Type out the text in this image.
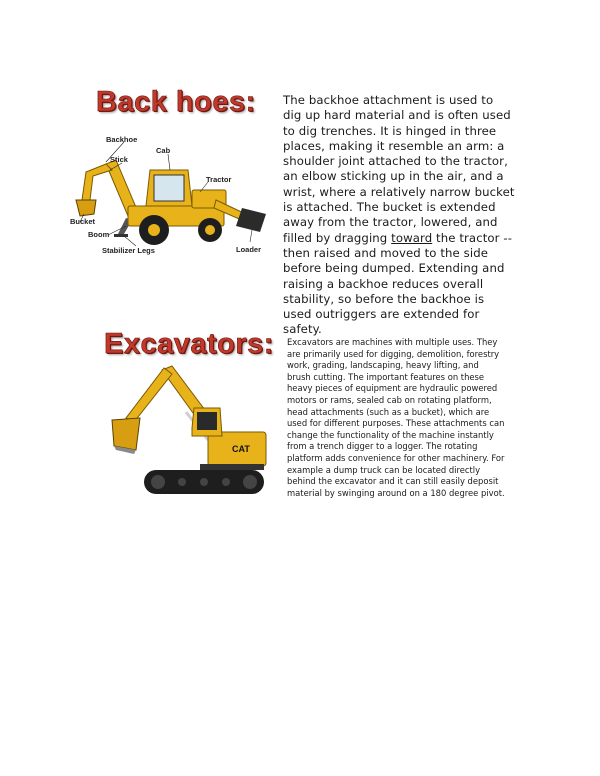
Back hoes: The backhoe attachment is used to dig up hard material and is often used to dig trenches. It is hinged in three places, making it resemble an arm: a shoulder joint attached to the tractor, an elbow sticking up in the air, and a wrist, where a relatively narrow bucket is attached. The bucket is extended away from the tractor, lowered, and filled by dragging toward the tractor -- then raised and moved to the side before being dumped. Extending and raising a backhoe reduces overall stability, so before the backhoe is used outriggers are extended for safety.

Backhoe
Cab
Stick
Tractor
Bucket
Boom
Stabilizer Legs	Loader
Excavators: Excavators are machines with multiple uses. They are primarily used for digging, demolition, forestry work, grading, landscaping, heavy lifting, and brush cutting. The important features on these heavy pieces of equipment are hydraulic powered motors or rams, sealed cab on rotating platform, head attachments (such as a bucket), which are used for different purposes. These attachments can change the functionality of the machine instantly from a trench digger to a logger. The rotating platform adds convenience for other machinery. For example a dump truck can be located directly behind the excavator and it can still easily deposit material by swinging around on a 180 degree pivot.

CAT
